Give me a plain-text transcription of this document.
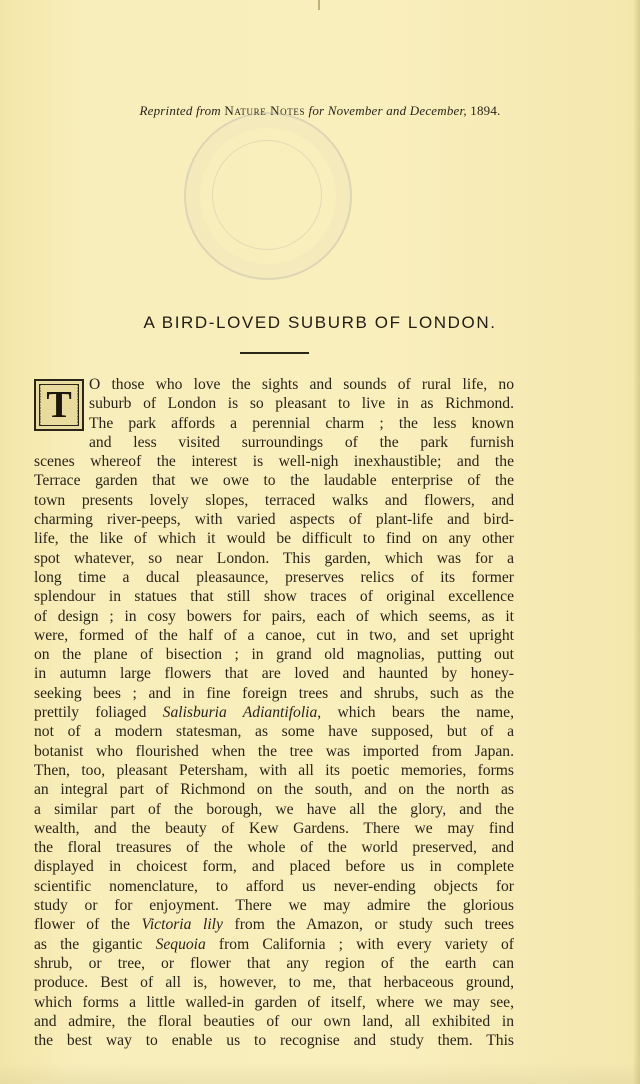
Reprinted from Nature Notes for November and December, 1894.
A BIRD-LOVED SUBURB OF LONDON.
T	O those who love the sights and sounds of rural life, no
suburb of London is so pleasant to live in as Richmond.
The park affords a perennial charm ; the less known
and less visited surroundings of the park furnish
scenes whereof the interest is well-nigh inexhaustible; and the
Terrace garden that we owe to the laudable enterprise of the
town presents lovely slopes, terraced walks and flowers, and
charming river-peeps, with varied aspects of plant-life and bird-
life, the like of which it would be difficult to find on any other
spot whatever, so near London. This garden, which was for a
long time a ducal pleasaunce, preserves relics of its former
splendour in statues that still show traces of original excellence
of design ; in cosy bowers for pairs, each of which seems, as it
were, formed of the half of a canoe, cut in two, and set upright
on the plane of bisection ; in grand old magnolias, putting out
in autumn large flowers that are loved and haunted by honey-
seeking bees ; and in fine foreign trees and shrubs, such as the
prettily foliaged Salisburia Adiantifolia, which bears the name,
not of a modern statesman, as some have supposed, but of a
botanist who flourished when the tree was imported from Japan.
Then, too, pleasant Petersham, with all its poetic memories, forms
an integral part of Richmond on the south, and on the north as
a similar part of the borough, we have all the glory, and the
wealth, and the beauty of Kew Gardens. There we may find
the floral treasures of the whole of the world preserved, and
displayed in choicest form, and placed before us in complete
scientific nomenclature, to afford us never-ending objects for
study or for enjoyment. There we may admire the glorious
flower of the Victoria lily from the Amazon, or study such trees
as the gigantic Sequoia from California ; with every variety of
shrub, or tree, or flower that any region of the earth can
produce. Best of all is, however, to me, that herbaceous ground,
which forms a little walled-in garden of itself, where we may see,
and admire, the floral beauties of our own land, all exhibited in
the best way to enable us to recognise and study them. This
